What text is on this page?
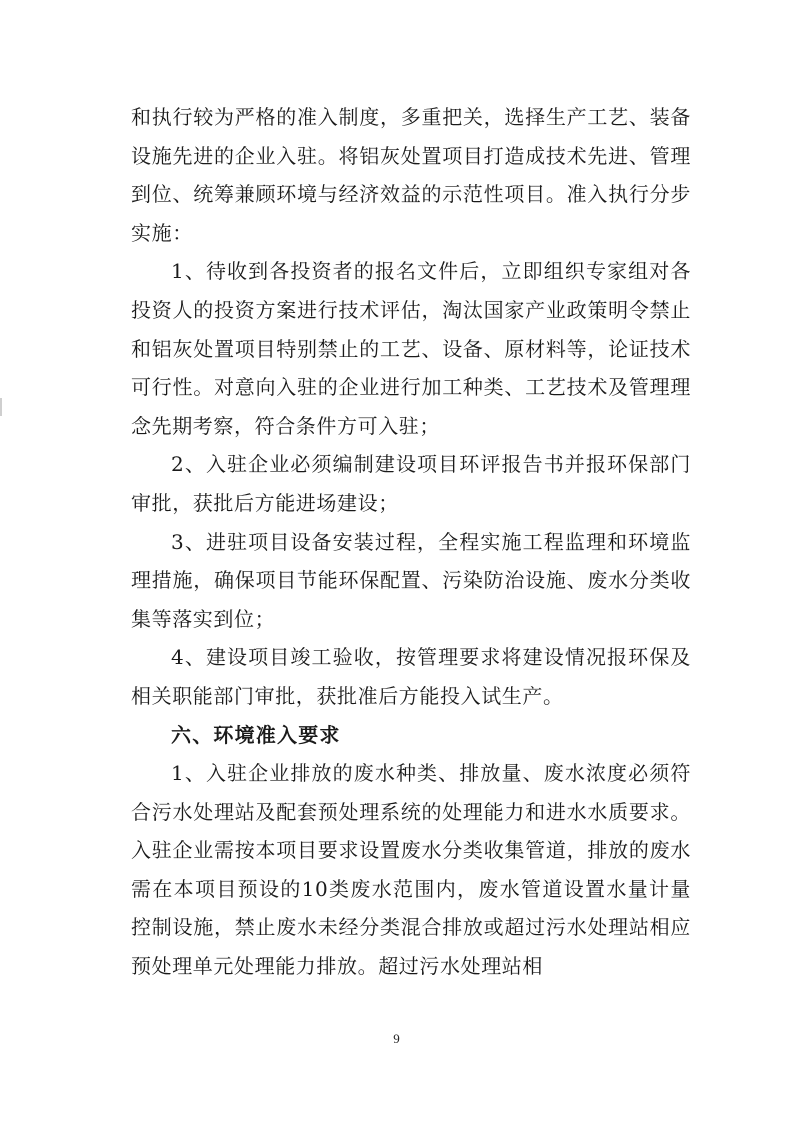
和执行较为严格的准入制度，多重把关，选择生产工艺、装备设施先进的企业入驻。将铝灰处置项目打造成技术先进、管理到位、统筹兼顾环境与经济效益的示范性项目。准入执行分步实施：

1、待收到各投资者的报名文件后，立即组织专家组对各投资人的投资方案进行技术评估，淘汰国家产业政策明令禁止和铝灰处置项目特别禁止的工艺、设备、原材料等，论证技术可行性。对意向入驻的企业进行加工种类、工艺技术及管理理念先期考察，符合条件方可入驻；

2、入驻企业必须编制建设项目环评报告书并报环保部门审批，获批后方能进场建设；

3、进驻项目设备安装过程，全程实施工程监理和环境监理措施，确保项目节能环保配置、污染防治设施、废水分类收集等落实到位；

4、建设项目竣工验收，按管理要求将建设情况报环保及相关职能部门审批，获批准后方能投入试生产。

六、环境准入要求

1、入驻企业排放的废水种类、排放量、废水浓度必须符合污水处理站及配套预处理系统的处理能力和进水水质要求。入驻企业需按本项目要求设置废水分类收集管道，排放的废水需在本项目预设的10类废水范围内，废水管道设置水量计量控制设施，禁止废水未经分类混合排放或超过污水处理站相应预处理单元处理能力排放。超过污水处理站相

9
